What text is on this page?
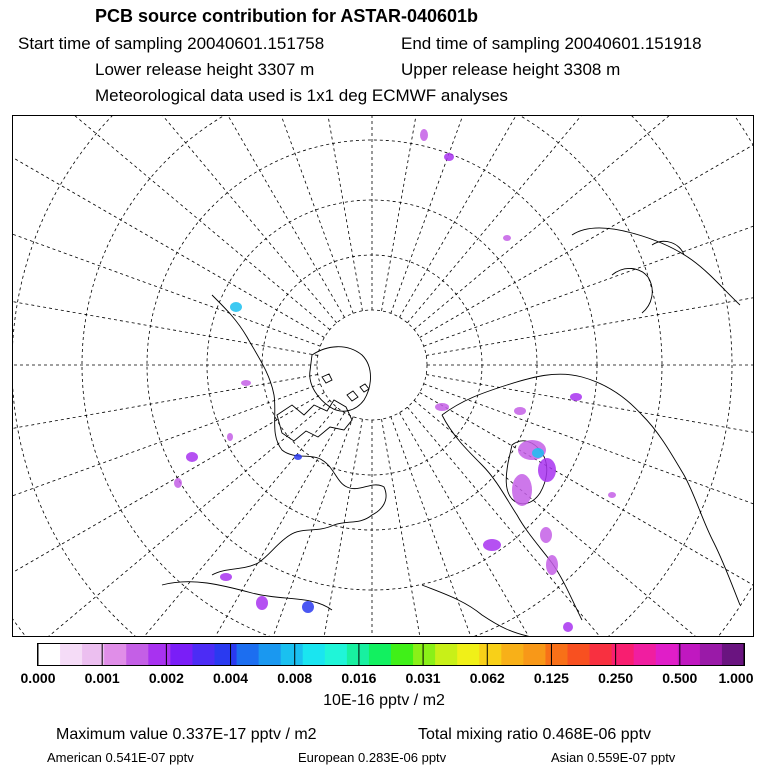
PCB source contribution for ASTAR-040601b
Start time of sampling 20040601.151758	End time of sampling 20040601.151918
Lower release height 3307 m	Upper release height 3308 m
Meteorological data used is 1x1 deg ECMWF analyses
0.000	0.001	0.002	0.004	0.008	0.016	0.031	0.062	0.125	0.250	0.500	1.000
10E-16 pptv / m2
Maximum value 0.337E-17 pptv / m2	Total mixing ratio 0.468E-06 pptv
American 0.541E-07 pptv	European 0.283E-06 pptv	Asian 0.559E-07 pptv
